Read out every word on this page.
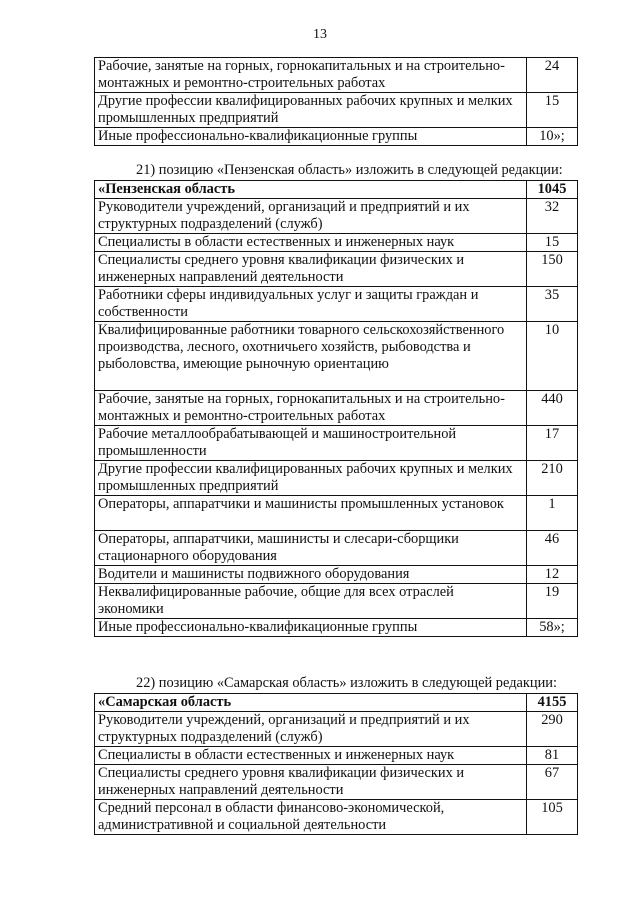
13
Рабочие, занятые на горных, горнокапитальных и на строительно-монтажных и ремонтно-строительных работах	24
Другие профессии квалифицированных рабочих крупных и мелких промышленных предприятий	15
Иные профессионально-квалификационные группы	10»;
21) позицию «Пензенская область» изложить в следующей редакции:
«Пензенская область	1045
Руководители учреждений, организаций и предприятий и их структурных подразделений (служб)	32
Специалисты в области естественных и инженерных наук	15
Специалисты среднего уровня квалификации физических и инженерных направлений деятельности	150
Работники сферы индивидуальных услуг и защиты граждан и собственности	35
Квалифицированные работники товарного сельскохозяйственного производства, лесного, охотничьего хозяйств, рыбоводства и рыболовства, имеющие рыночную ориентацию	10
Рабочие, занятые на горных, горнокапитальных и на строительно-монтажных и ремонтно-строительных работах	440
Рабочие металлообрабатывающей и машиностроительной промышленности	17
Другие профессии квалифицированных рабочих крупных и мелких промышленных предприятий	210
Операторы, аппаратчики и машинисты промышленных установок	1
Операторы, аппаратчики, машинисты и слесари-сборщики стационарного оборудования	46
Водители и машинисты подвижного оборудования	12
Неквалифицированные рабочие, общие для всех отраслей экономики	19
Иные профессионально-квалификационные группы	58»;
22) позицию «Самарская область» изложить в следующей редакции:
«Самарская область	4155
Руководители учреждений, организаций и предприятий и их структурных подразделений (служб)	290
Специалисты в области естественных и инженерных наук	81
Специалисты среднего уровня квалификации физических и инженерных направлений деятельности	67
Средний персонал в области финансово-экономической, административной и социальной деятельности	105
